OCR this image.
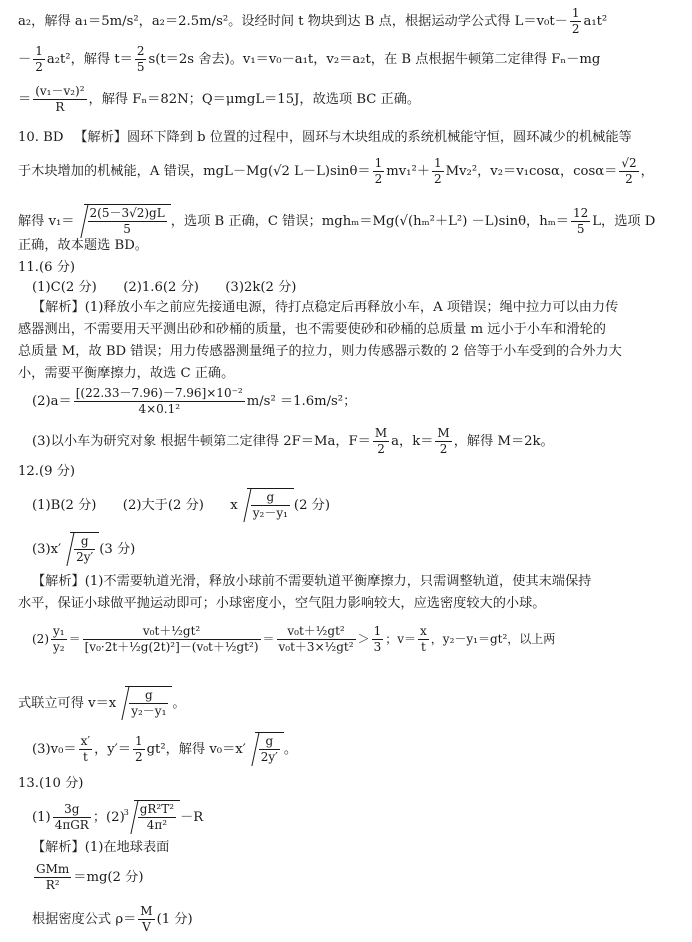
a₂，解得 a₁＝5m/s²，a₂＝2.5m/s²。设经时间 t 物块到达 B 点，根据运动学公式得 $L=v_0t- \frac{1}{2} a_1t^2$
－ $\frac{1}{2} a_2t^2$，解得 $t= \frac{2}{5} s(t=2s$ 舍去)。v₁＝v₀－a₁t，v₂＝a₂t，在 B 点根据牛顿第二定律得 Fₙ－mg
＝ $\frac{\text{(v₁－v₂)²}}{R}$ ，解得 Fₙ＝82N；Q＝μmgL＝15J，故选项 BC 正确。
10. BD 　【解析】圆环下降到 b 位置的过程中，圆环与木块组成的系统机械能守恒，圆环减少的机械能等
于木块增加的机械能，A 错误，mgL－Mg(√2 $L-L)\sin\theta= \frac{1}{2} mv_1^2+ \frac{1}{2} Mv_2^2$，v₂＝v₁cosα，$\cos\alpha= \frac{√2}{2}$ ，
解得 $v_1= \frac{2(5-3√2)gL}{5}$ ，选项 B 正确，C 错误；mghₘ＝Mg(√(hₘ²＋L²) －L)sinθ，$h_m= \frac{12}{5}$ L，选项 D
正确，故本题选 BD。
11.(6 分)
(1)C(2 分)　　(2)1.6(2 分)　　(3)2k(2 分)
【解析】(1)释放小车之前应先接通电源，待打点稳定后再释放小车，A 项错误；绳中拉力可以由力传
感器测出，不需要用天平测出砂和砂桶的质量，也不需要使砂和砂桶的总质量 m 远小于小车和滑轮的
总质量 M，故 BD 错误；用力传感器测量绳子的拉力，则力传感器示数的 2 倍等于小车受到的合外力大
小，需要平衡摩擦力，故选 C 正确。
$(2)a= \frac{\text{[(22.33－7.96)－7.96]×10⁻²}}{\text{4×0.1²}} m/s^2 =1.6m/s^2$；
(3)以小车为研究对象 根据牛顿第二定律得 2F＝Ma，$F= \frac{M}{2}$ a，$k= \frac{M}{2}$ ，解得 M＝2k。
12.(9 分)
(1)B(2 分)　　(2)大于(2 分)　　x $\frac{g}{\text{y₂－y₁}} (2$ 分)
$(3)x' \frac{g}{2y'} (3$ 分)
【解析】(1)不需要轨道光滑，释放小球前不需要轨道平衡摩擦力，只需调整轨道，使其末端保持
水平，保证小球做平抛运动即可；小球密度小，空气阻力影响较大，应选密度较大的小球。
$(2) \frac{\text{y₁}}{\text{y₂}} = \frac{\text{v₀t＋½gt²}}{\text{[v₀·2t＋½g(2t)²]－(v₀t＋½gt²)}} = \frac{\text{v₀t＋½gt²}}{\text{v₀t＋3×½gt²}} > \frac{1}{3}$ ；$v= \frac{x}{t}$ ，y₂－y₁＝gt²，以上两
式联立可得 $v=x \frac{g}{\text{y₂－y₁}}$ 。
$(3)v_0= \frac{x'}{t}$ ，$y'= \frac{1}{2} gt^2$，解得 $v_0=x' \frac{g}{2y'}$ 。
13.(10 分)
$(1) \frac{3g}{\text{4πGR}}$ ；(2) $3 \frac{\text{gR²T²}}{\text{4π²}} -R$
【解析】(1)在地球表面
$\frac{\text{GMm}}{\text{R²}} =mg(2$ 分)
根据密度公式 $\rho= \frac{M}{V} (1$ 分)
